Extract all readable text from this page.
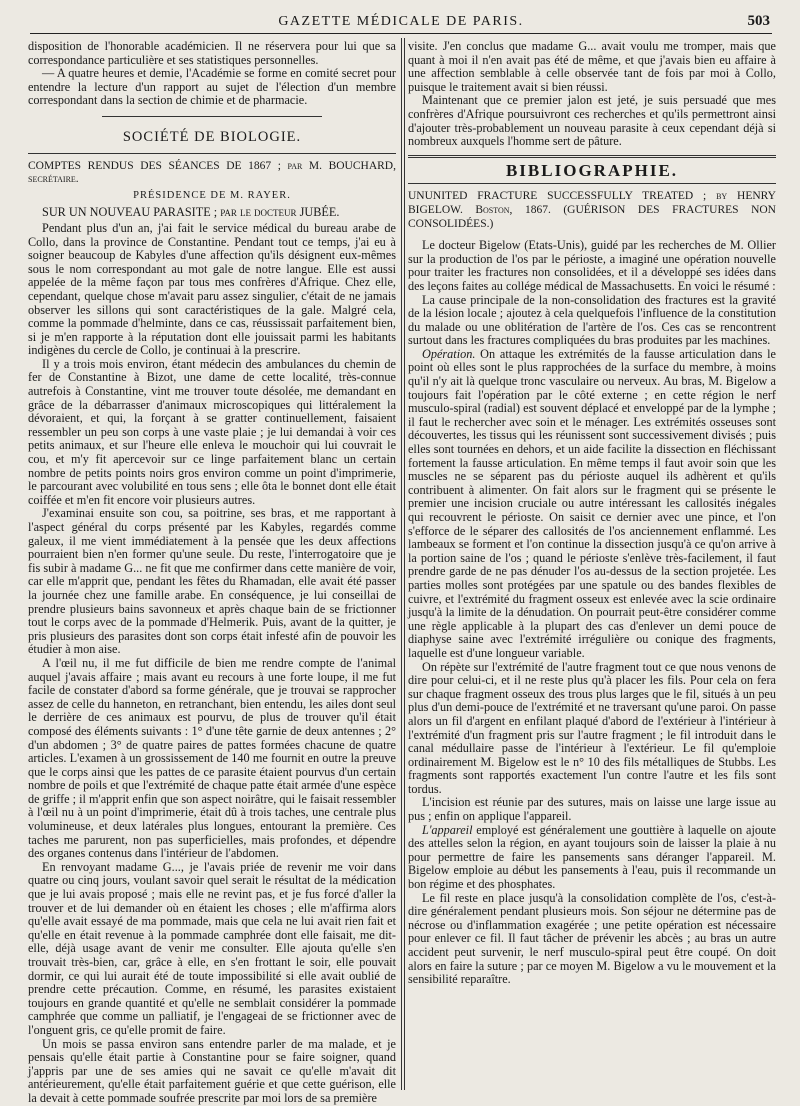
GAZETTE MÉDICALE DE PARIS.	503

disposition de l'honorable académicien. Il ne réservera pour lui que sa correspondance particulière et ses statistiques personnelles.

— A quatre heures et demie, l'Académie se forme en comité secret pour entendre la lecture d'un rapport au sujet de l'élection d'un membre correspondant dans la section de chimie et de pharmacie.

SOCIÉTÉ DE BIOLOGIE.

COMPTES RENDUS DES SÉANCES DE 1867 ; par M. BOUCHARD, secrétaire.

PRÉSIDENCE DE M. RAYER.

SUR UN NOUVEAU PARASITE ; par le docteur JUBÉE.

Pendant plus d'un an, j'ai fait le service médical du bureau arabe de Collo, dans la province de Constantine. Pendant tout ce temps, j'ai eu à soigner beaucoup de Kabyles d'une affection qu'ils désignent eux-mêmes sous le nom correspondant au mot gale de notre langue. Elle est aussi appelée de la même façon par tous mes confrères d'Afrique. Chez elle, cependant, quelque chose m'avait paru assez singulier, c'était de ne jamais observer les sillons qui sont caractéristiques de la gale. Malgré cela, comme la pommade d'helminte, dans ce cas, réussissait parfaitement bien, si je m'en rapporte à la réputation dont elle jouissait parmi les habitants indigènes du cercle de Collo, je continuai à la prescrire.

Il y a trois mois environ, étant médecin des ambulances du chemin de fer de Constantine à Bizot, une dame de cette localité, très-connue autrefois à Constantine, vint me trouver toute désolée, me demandant en grâce de la débarrasser d'animaux microscopiques qui littéralement la dévoraient, et qui, la forçant à se gratter continuellement, faisaient ressembler un peu son corps à une vaste plaie ; je lui demandai à voir ces petits animaux, et sur l'heure elle enleva le mouchoir qui lui couvrait le cou, et m'y fit apercevoir sur ce linge parfaitement blanc un certain nombre de petits points noirs gros environ comme un point d'imprimerie, le parcourant avec volubilité en tous sens ; elle ôta le bonnet dont elle était coiffée et m'en fit encore voir plusieurs autres.

J'examinai ensuite son cou, sa poitrine, ses bras, et me rapportant à l'aspect général du corps présenté par les Kabyles, regardés comme galeux, il me vient immédiatement à la pensée que les deux affections pourraient bien n'en former qu'une seule. Du reste, l'interrogatoire que je fis subir à madame G... ne fit que me confirmer dans cette manière de voir, car elle m'apprit que, pendant les fêtes du Rhamadan, elle avait été passer la journée chez une famille arabe. En conséquence, je lui conseillai de prendre plusieurs bains savonneux et après chaque bain de se frictionner tout le corps avec de la pommade d'Helmerik. Puis, avant de la quitter, je pris plusieurs des parasites dont son corps était infesté afin de pouvoir les étudier à mon aise.

A l'œil nu, il me fut difficile de bien me rendre compte de l'animal auquel j'avais affaire ; mais avant eu recours à une forte loupe, il me fut facile de constater d'abord sa forme générale, que je trouvai se rapprocher assez de celle du hanneton, en retranchant, bien entendu, les ailes dont seul le derrière de ces animaux est pourvu, de plus de trouver qu'il était composé des éléments suivants : 1° d'une tête garnie de deux antennes ; 2° d'un abdomen ; 3° de quatre paires de pattes formées chacune de quatre articles. L'examen à un grossissement de 140 me fournit en outre la preuve que le corps ainsi que les pattes de ce parasite étaient pourvus d'un certain nombre de poils et que l'extrémité de chaque patte était armée d'une espèce de griffe ; il m'apprit enfin que son aspect noirâtre, qui le faisait ressembler à l'œil nu à un point d'imprimerie, était dû à trois taches, une centrale plus volumineuse, et deux latérales plus longues, entourant la première. Ces taches me parurent, non pas superficielles, mais profondes, et dépendre des organes contenus dans l'intérieur de l'abdomen.

En renvoyant madame G..., je l'avais priée de revenir me voir dans quatre ou cinq jours, voulant savoir quel serait le résultat de la médication que je lui avais proposé ; mais elle ne revint pas, et je fus forcé d'aller la trouver et de lui demander où en étaient les choses ; elle m'affirma alors qu'elle avait essayé de ma pommade, mais que cela ne lui avait rien fait et qu'elle en était revenue à la pommade camphrée dont elle faisait, me dit-elle, déjà usage avant de venir me consulter. Elle ajouta qu'elle s'en trouvait très-bien, car, grâce à elle, en s'en frottant le soir, elle pouvait dormir, ce qui lui aurait été de toute impossibilité si elle avait oublié de prendre cette précaution. Comme, en résumé, les parasites existaient toujours en grande quantité et qu'elle ne semblait considérer la pommade camphrée que comme un palliatif, je l'engageai de se frictionner avec de l'onguent gris, ce qu'elle promit de faire.

Un mois se passa environ sans entendre parler de ma malade, et je pensais qu'elle était partie à Constantine pour se faire soigner, quand j'appris par une de ses amies qui ne savait ce qu'elle m'avait dit antérieurement, qu'elle était parfaitement guérie et que cette guérison, elle la devait à cette pommade soufrée prescrite par moi lors de sa première

visite. J'en conclus que madame G... avait voulu me tromper, mais que quant à moi il n'en avait pas été de même, et que j'avais bien eu affaire à une affection semblable à celle observée tant de fois par moi à Collo, puisque le traitement avait si bien réussi.

Maintenant que ce premier jalon est jeté, je suis persuadé que mes confrères d'Afrique poursuivront ces recherches et qu'ils permettront ainsi d'ajouter très-probablement un nouveau parasite à ceux cependant déjà si nombreux auxquels l'homme sert de pâture.

BIBLIOGRAPHIE.

UNUNITED FRACTURE SUCCESSFULLY TREATED ; by HENRY BIGELOW. Boston, 1867. (GUÉRISON DES FRACTURES NON CONSOLIDÉES.)

Le docteur Bigelow (Etats-Unis), guidé par les recherches de M. Ollier sur la production de l'os par le périoste, a imaginé une opération nouvelle pour traiter les fractures non consolidées, et il a développé ses idées dans des leçons faites au collége médical de Massachusetts. En voici le résumé :

La cause principale de la non-consolidation des fractures est la gravité de la lésion locale ; ajoutez à cela quelquefois l'influence de la constitution du malade ou une oblitération de l'artère de l'os. Ces cas se rencontrent surtout dans les fractures compliquées du bras produites par les machines.

Opération. On attaque les extrémités de la fausse articulation dans le point où elles sont le plus rapprochées de la surface du membre, à moins qu'il n'y ait là quelque tronc vasculaire ou nerveux. Au bras, M. Bigelow a toujours fait l'opération par le côté externe ; en cette région le nerf musculo-spiral (radial) est souvent déplacé et enveloppé par de la lymphe ; il faut le rechercher avec soin et le ménager. Les extrémités osseuses sont découvertes, les tissus qui les réunissent sont successivement divisés ; puis elles sont tournées en dehors, et un aide facilite la dissection en fléchissant fortement la fausse articulation. En même temps il faut avoir soin que les muscles ne se séparent pas du périoste auquel ils adhèrent et qu'ils contribuent à alimenter. On fait alors sur le fragment qui se présente le premier une incision cruciale ou autre intéressant les callosités inégales qui recouvrent le périoste. On saisit ce dernier avec une pince, et l'on s'efforce de le séparer des callosités de l'os anciennement enflammé. Les lambeaux se forment et l'on continue la dissection jusqu'à ce qu'on arrive à la portion saine de l'os ; quand le périoste s'enlève très-facilement, il faut prendre garde de ne pas dénuder l'os au-dessus de la section projetée. Les parties molles sont protégées par une spatule ou des bandes flexibles de cuivre, et l'extrémité du fragment osseux est enlevée avec la scie ordinaire jusqu'à la limite de la dénudation. On pourrait peut-être considérer comme une règle applicable à la plupart des cas d'enlever un demi pouce de diaphyse saine avec l'extrémité irrégulière ou conique des fragments, laquelle est d'une longueur variable.

On répète sur l'extrémité de l'autre fragment tout ce que nous venons de dire pour celui-ci, et il ne reste plus qu'à placer les fils. Pour cela on fera sur chaque fragment osseux des trous plus larges que le fil, situés à un peu plus d'un demi-pouce de l'extrémité et ne traversant qu'une paroi. On passe alors un fil d'argent en enfilant plaqué d'abord de l'extérieur à l'intérieur à l'extrémité d'un fragment pris sur l'autre fragment ; le fil introduit dans le canal médullaire passe de l'intérieur à l'extérieur. Le fil qu'emploie ordinairement M. Bigelow est le n° 10 des fils métalliques de Stubbs. Les fragments sont rapportés exactement l'un contre l'autre et les fils sont tordus.

L'incision est réunie par des sutures, mais on laisse une large issue au pus ; enfin on applique l'appareil.

L'appareil employé est généralement une gouttière à laquelle on ajoute des attelles selon la région, en ayant toujours soin de laisser la plaie à nu pour permettre de faire les pansements sans déranger l'appareil. M. Bigelow emploie au début les pansements à l'eau, puis il recommande un bon régime et des phosphates.

Le fil reste en place jusqu'à la consolidation complète de l'os, c'est-à-dire généralement pendant plusieurs mois. Son séjour ne détermine pas de nécrose ou d'inflammation exagérée ; une petite opération est nécessaire pour enlever ce fil. Il faut tâcher de prévenir les abcès ; au bras un autre accident peut survenir, le nerf musculo-spiral peut être coupé. On doit alors en faire la suture ; par ce moyen M. Bigelow a vu le mouvement et la sensibilité reparaître.
